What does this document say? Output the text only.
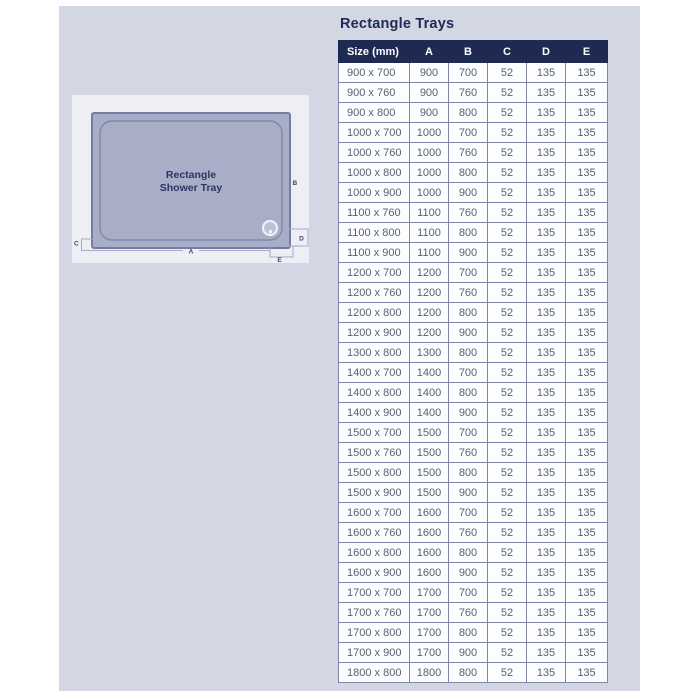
Rectangle
Shower Tray
A
B
C
D
E
Rectangle Trays
Size (mm)	A	B	C	D	E
900 x 700	900	700	52	135	135
900 x 760	900	760	52	135	135
900 x 800	900	800	52	135	135
1000 x 700	1000	700	52	135	135
1000 x 760	1000	760	52	135	135
1000 x 800	1000	800	52	135	135
1000 x 900	1000	900	52	135	135
1100 x 760	1100	760	52	135	135
1100 x 800	1100	800	52	135	135
1100 x 900	1100	900	52	135	135
1200 x 700	1200	700	52	135	135
1200 x 760	1200	760	52	135	135
1200 x 800	1200	800	52	135	135
1200 x 900	1200	900	52	135	135
1300 x 800	1300	800	52	135	135
1400 x 700	1400	700	52	135	135
1400 x 800	1400	800	52	135	135
1400 x 900	1400	900	52	135	135
1500 x 700	1500	700	52	135	135
1500 x 760	1500	760	52	135	135
1500 x 800	1500	800	52	135	135
1500 x 900	1500	900	52	135	135
1600 x 700	1600	700	52	135	135
1600 x 760	1600	760	52	135	135
1600 x 800	1600	800	52	135	135
1600 x 900	1600	900	52	135	135
1700 x 700	1700	700	52	135	135
1700 x 760	1700	760	52	135	135
1700 x 800	1700	800	52	135	135
1700 x 900	1700	900	52	135	135
1800 x 800	1800	800	52	135	135
